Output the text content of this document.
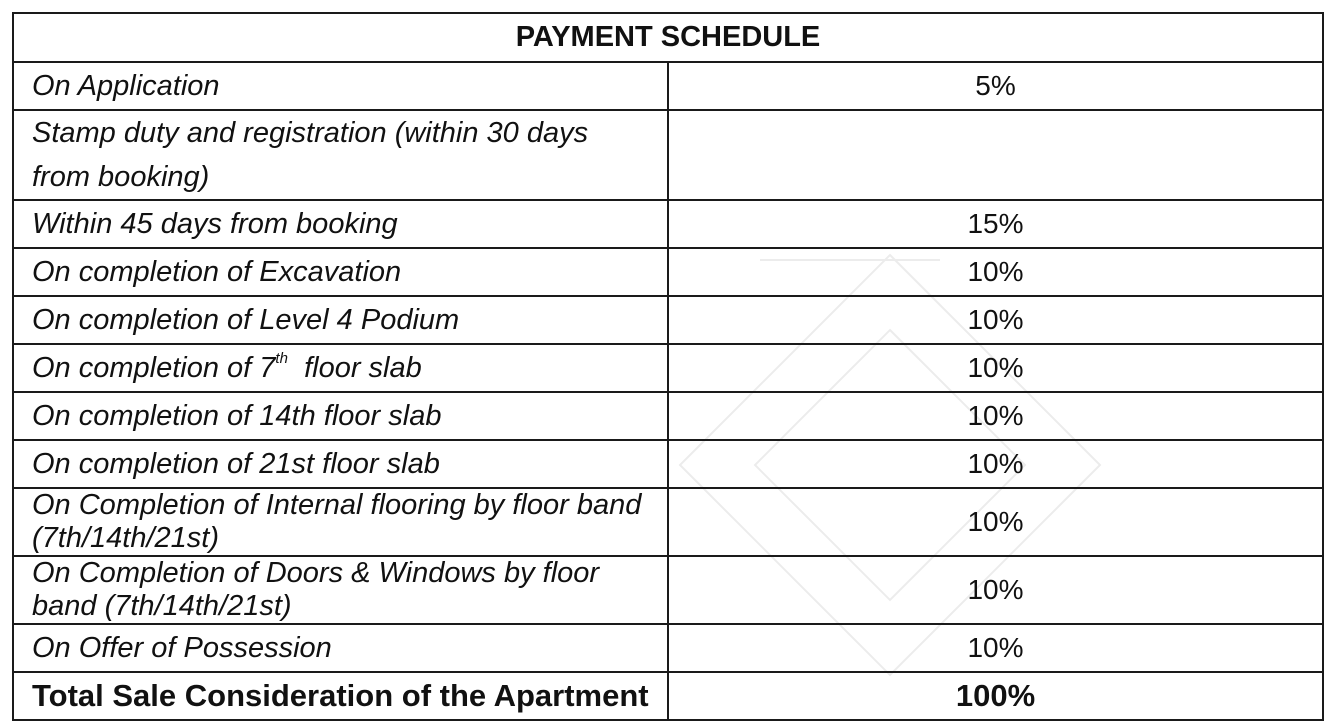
PAYMENT SCHEDULE	
On Application	5%

Stamp duty and registration (within 30 days from booking)	

Within 45 days from booking	15%
On completion of Excavation	10%
On completion of Level 4 Podium	10%
On completion of 7th floor slab	10%
On completion of 14th floor slab	10%
On completion of 21st floor slab	10%
On Completion of Internal flooring by floor band (7th/14th/21st)	10%
On Completion of Doors & Windows by floor band (7th/14th/21st)	10%
On Offer of Possession	10%
Total Sale Consideration of the Apartment	100%
